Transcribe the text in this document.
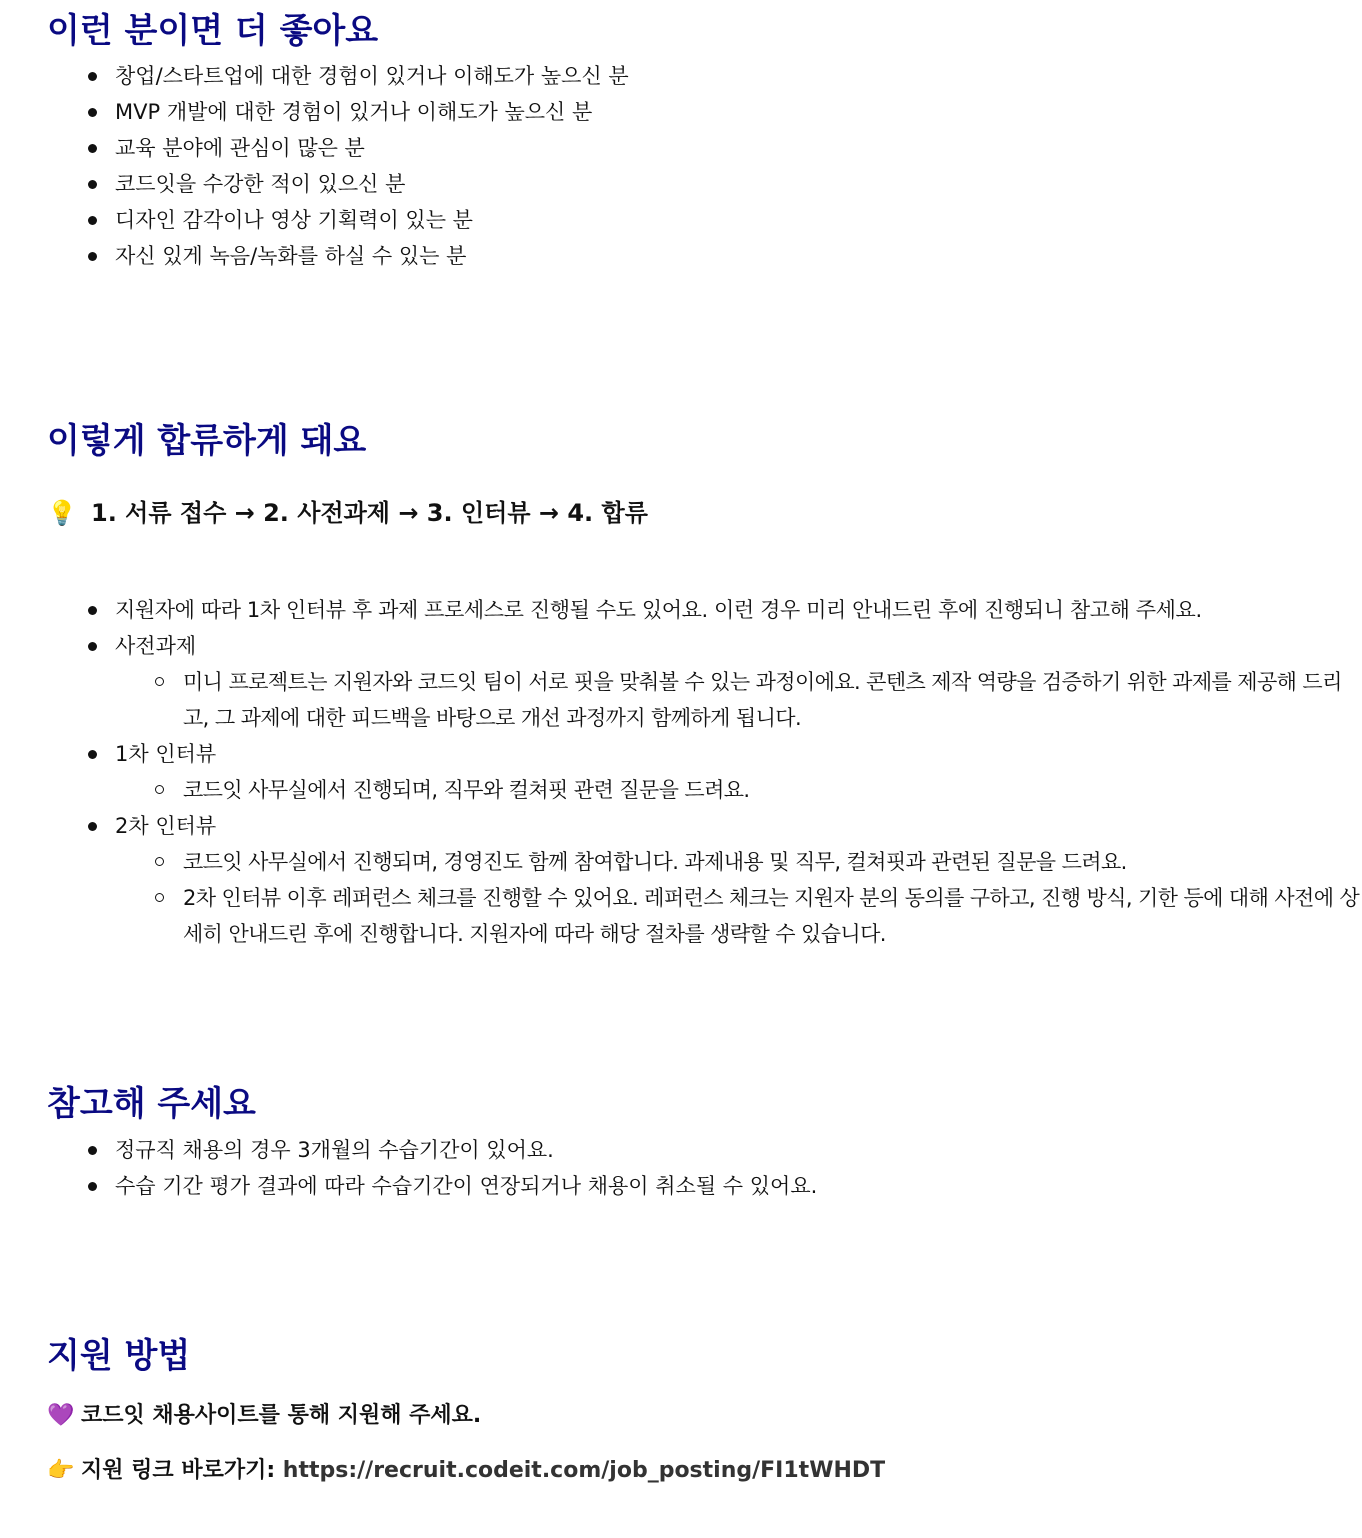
이런 분이면 더 좋아요
창업/스타트업에 대한 경험이 있거나 이해도가 높으신 분
MVP 개발에 대한 경험이 있거나 이해도가 높으신 분
교육 분야에 관심이 많은 분
코드잇을 수강한 적이 있으신 분
디자인 감각이나 영상 기획력이 있는 분
자신 있게 녹음/녹화를 하실 수 있는 분
이렇게 합류하게 돼요
💡 1. 서류 접수 → 2. 사전과제 → 3. 인터뷰 → 4. 합류
지원자에 따라 1차 인터뷰 후 과제 프로세스로 진행될 수도 있어요. 이런 경우 미리 안내드린 후에 진행되니 참고해 주세요.
사전과제
미니 프로젝트는 지원자와 코드잇 팀이 서로 핏을 맞춰볼 수 있는 과정이에요. 콘텐츠 제작 역량을 검증하기 위한 과제를 제공해 드리고, 그 과제에 대한 피드백을 바탕으로 개선 과정까지 함께하게 됩니다.
1차 인터뷰
코드잇 사무실에서 진행되며, 직무와 컬쳐핏 관련 질문을 드려요.
2차 인터뷰
코드잇 사무실에서 진행되며, 경영진도 함께 참여합니다. 과제내용 및 직무, 컬쳐핏과 관련된 질문을 드려요.
2차 인터뷰 이후 레퍼런스 체크를 진행할 수 있어요. 레퍼런스 체크는 지원자 분의 동의를 구하고, 진행 방식, 기한 등에 대해 사전에 상세히 안내드린 후에 진행합니다. 지원자에 따라 해당 절차를 생략할 수 있습니다.
참고해 주세요
정규직 채용의 경우 3개월의 수습기간이 있어요.
수습 기간 평가 결과에 따라 수습기간이 연장되거나 채용이 취소될 수 있어요.
지원 방법
💜 코드잇 채용사이트를 통해 지원해 주세요.
👉 지원 링크 바로가기: https://recruit.codeit.com/job_posting/FI1tWHDT
